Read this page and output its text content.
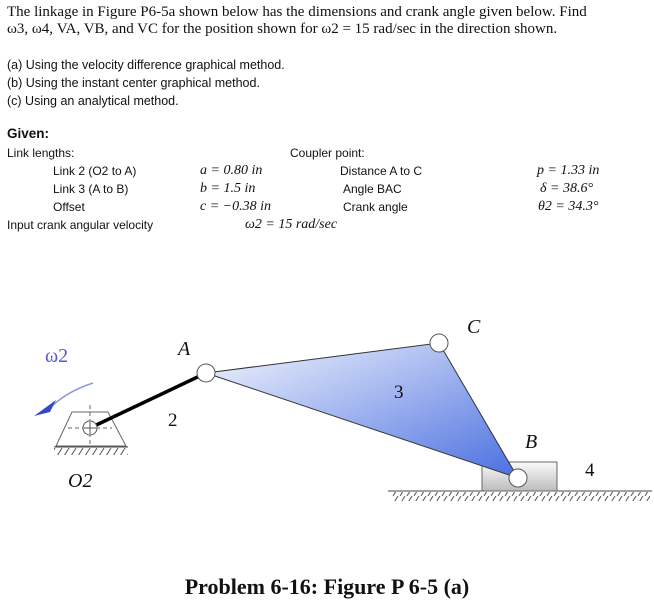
The linkage in Figure P6-5a shown below has the dimensions and crank angle given below. Find
ω3, ω4, VA, VB, and VC for the position shown for ω2 = 15 rad/sec in the direction shown.
(a) Using the velocity difference graphical method.
(b) Using the instant center graphical method.
(c) Using an analytical method.
Given:
Link lengths:	Coupler point:
Link 2 (O2 to A)	a = 0.80 in	Distance A to C	p = 1.33 in
Link 3 (A to B)	b = 1.5 in	Angle BAC	δ = 38.6°
Offset	c = −0.38 in	Crank angle	θ2 = 34.3°
Input crank angular velocity	ω2 = 15 rad/sec
ω2	A
C
B
O2
2
3
4
Problem 6-16: Figure P 6-5 (a)
